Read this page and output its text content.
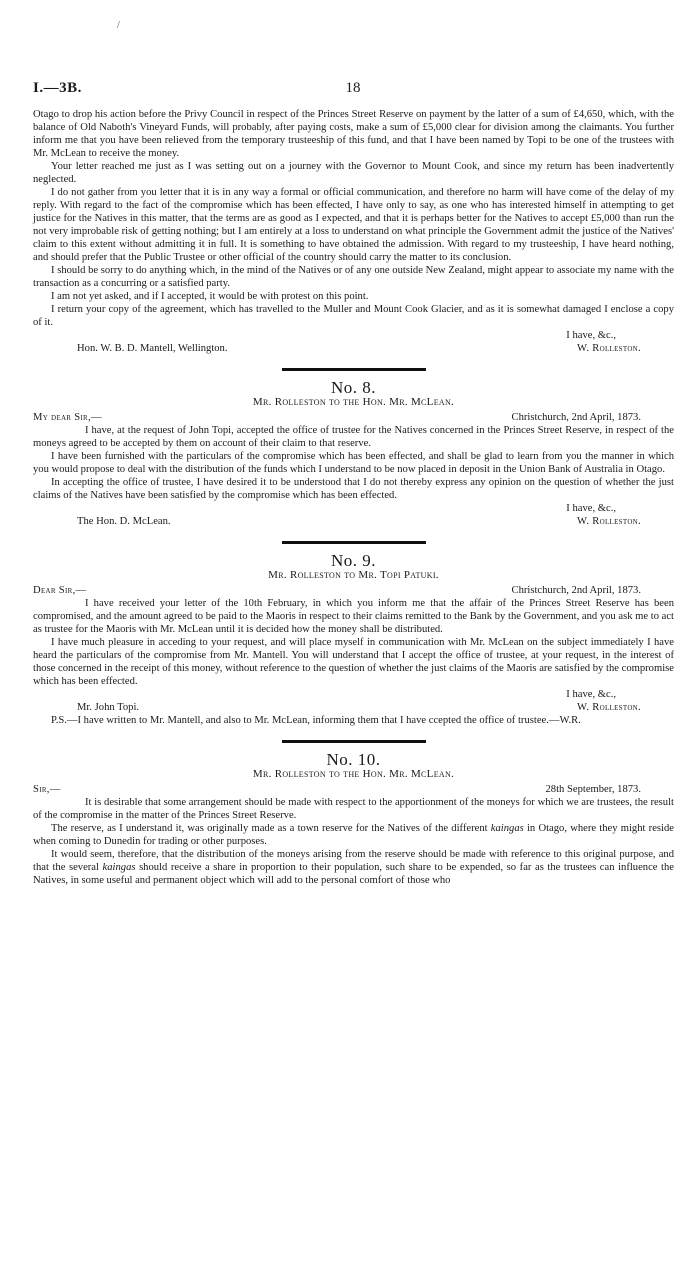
I.—3B.	18
/

Otago to drop his action before the Privy Council in respect of the Princes Street Reserve on payment by the latter of a sum of £4,650, which, with the balance of Old Naboth's Vineyard Funds, will probably, after paying costs, make a sum of £5,000 clear for division among the claimants. You further inform me that you have been relieved from the temporary trusteeship of this fund, and that I have been named by Topi to be one of the trustees with Mr. McLean to receive the money.

Your letter reached me just as I was setting out on a journey with the Governor to Mount Cook, and since my return has been inadvertently neglected.

I do not gather from you letter that it is in any way a formal or official communication, and therefore no harm will have come of the delay of my reply. With regard to the fact of the compromise which has been effected, I have only to say, as one who has interested himself in attempting to get justice for the Natives in this matter, that the terms are as good as I expected, and that it is perhaps better for the Natives to accept £5,000 than run the not very improbable risk of getting nothing; but I am entirely at a loss to understand on what principle the Government admit the justice of the Natives' claim to this extent without admitting it in full. It is something to have obtained the admission. With regard to my trusteeship, I have heard nothing, and should prefer that the Public Trustee or other official of the country should carry the matter to its conclusion.

I should be sorry to do anything which, in the mind of the Natives or of any one outside New Zealand, might appear to associate my name with the transaction as a concurring or a satisfied party.

I am not yet asked, and if I accepted, it would be with protest on this point.

I return your copy of the agreement, which has travelled to the Muller and Mount Cook Glacier, and as it is somewhat damaged I enclose a copy of it.

I have, &c.,
Hon. W. B. D. Mantell, Wellington.	W. Rolleston.
No. 8.
Mr. Rolleston to the Hon. Mr. McLean.
My dear Sir,—	Christchurch, 2nd April, 1873.

I have, at the request of John Topi, accepted the office of trustee for the Natives concerned in the Princes Street Reserve, in respect of the moneys agreed to be accepted by them on account of their claim to that reserve.

I have been furnished with the particulars of the compromise which has been effected, and shall be glad to learn from you the manner in which you would propose to deal with the distribution of the funds which I understand to be now placed in deposit in the Union Bank of Australia in Otago.

In accepting the office of trustee, I have desired it to be understood that I do not thereby express any opinion on the question of whether the just claims of the Natives have been satisfied by the compromise which has been effected.

I have, &c.,
The Hon. D. McLean.	W. Rolleston.
No. 9.
Mr. Rolleston to Mr. Topi Patuki.
Dear Sir,—	Christchurch, 2nd April, 1873.

I have received your letter of the 10th February, in which you inform me that the affair of the Princes Street Reserve has been compromised, and the amount agreed to be paid to the Maoris in respect to their claims remitted to the Bank by the Government, and you ask me to act as trustee for the Maoris with Mr. McLean until it is decided how the money shall be distributed.

I have much pleasure in acceding to your request, and will place myself in communication with Mr. McLean on the subject immediately I have heard the particulars of the compromise from Mr. Mantell. You will understand that I accept the office of trustee, at your request, in the interest of those concerned in the receipt of this money, without reference to the question of whether the just claims of the Maoris are satisfied by the compromise which has been effected.

I have, &c.,
Mr. John Topi.	W. Rolleston.

P.S.—I have written to Mr. Mantell, and also to Mr. McLean, informing them that I have ccepted the office of trustee.—W.R.

No. 10.
Mr. Rolleston to the Hon. Mr. McLean.
Sir,—	28th September, 1873.

It is desirable that some arrangement should be made with respect to the apportionment of the moneys for which we are trustees, the result of the compromise in the matter of the Princes Street Reserve.

The reserve, as I understand it, was originally made as a town reserve for the Natives of the different kaingas in Otago, where they might reside when coming to Dunedin for trading or other purposes.

It would seem, therefore, that the distribution of the moneys arising from the reserve should be made with reference to this original purpose, and that the several kaingas should receive a share in proportion to their population, such share to be expended, so far as the trustees can influence the Natives, in some useful and permanent object which will add to the personal comfort of those who
